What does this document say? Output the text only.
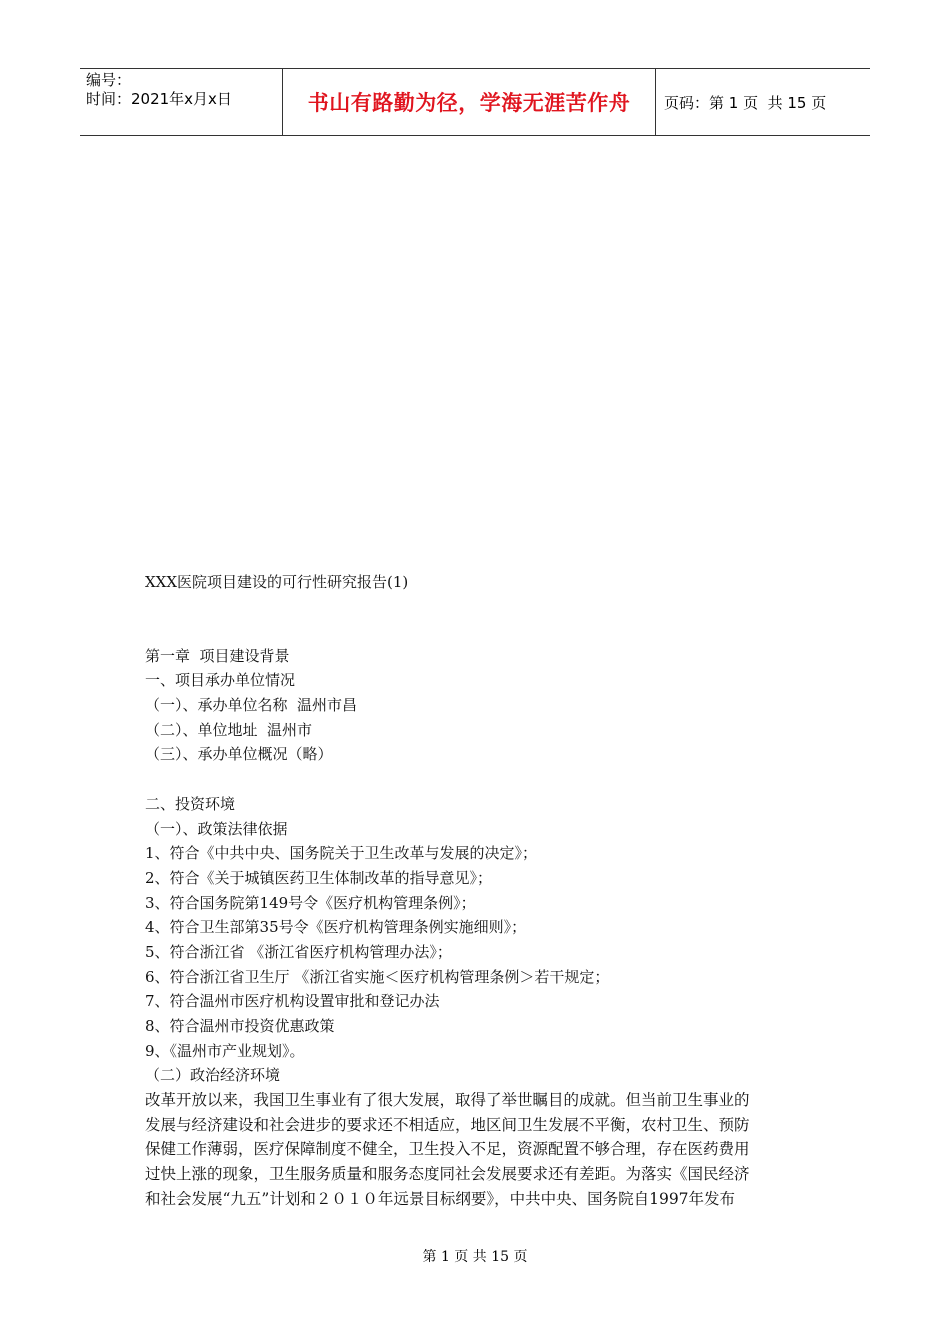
编号：
时间：2021年x月x日	书山有路勤为径，学海无涯苦作舟	页码：第 1 页  共 15 页
XXX医院项目建设的可行性研究报告(1)
第一章  项目建设背景
一、项目承办单位情况
（一）、承办单位名称  温州市昌
（二）、单位地址  温州市
（三）、承办单位概况（略）
二、投资环境
（一）、政策法律依据
1、符合《中共中央、国务院关于卫生改革与发展的决定》；
2、符合《关于城镇医药卫生体制改革的指导意见》；
3、符合国务院第149号令《医疗机构管理条例》；
4、符合卫生部第35号令《医疗机构管理条例实施细则》；
5、符合浙江省 《浙江省医疗机构管理办法》；
6、符合浙江省卫生厅 《浙江省实施＜医疗机构管理条例＞若干规定；
7、符合温州市医疗机构设置审批和登记办法
8、符合温州市投资优惠政策
9、《温州市产业规划》。
（二）政治经济环境
改革开放以来，我国卫生事业有了很大发展，取得了举世瞩目的成就。但当前卫生事业的
发展与经济建设和社会进步的要求还不相适应，地区间卫生发展不平衡，农村卫生、预防
保健工作薄弱，医疗保障制度不健全，卫生投入不足，资源配置不够合理，存在医药费用
过快上涨的现象，卫生服务质量和服务态度同社会发展要求还有差距。为落实《国民经济
和社会发展“九五”计划和２０１０年远景目标纲要》，中共中央、国务院自1997年发布
第 1 页 共 15 页
